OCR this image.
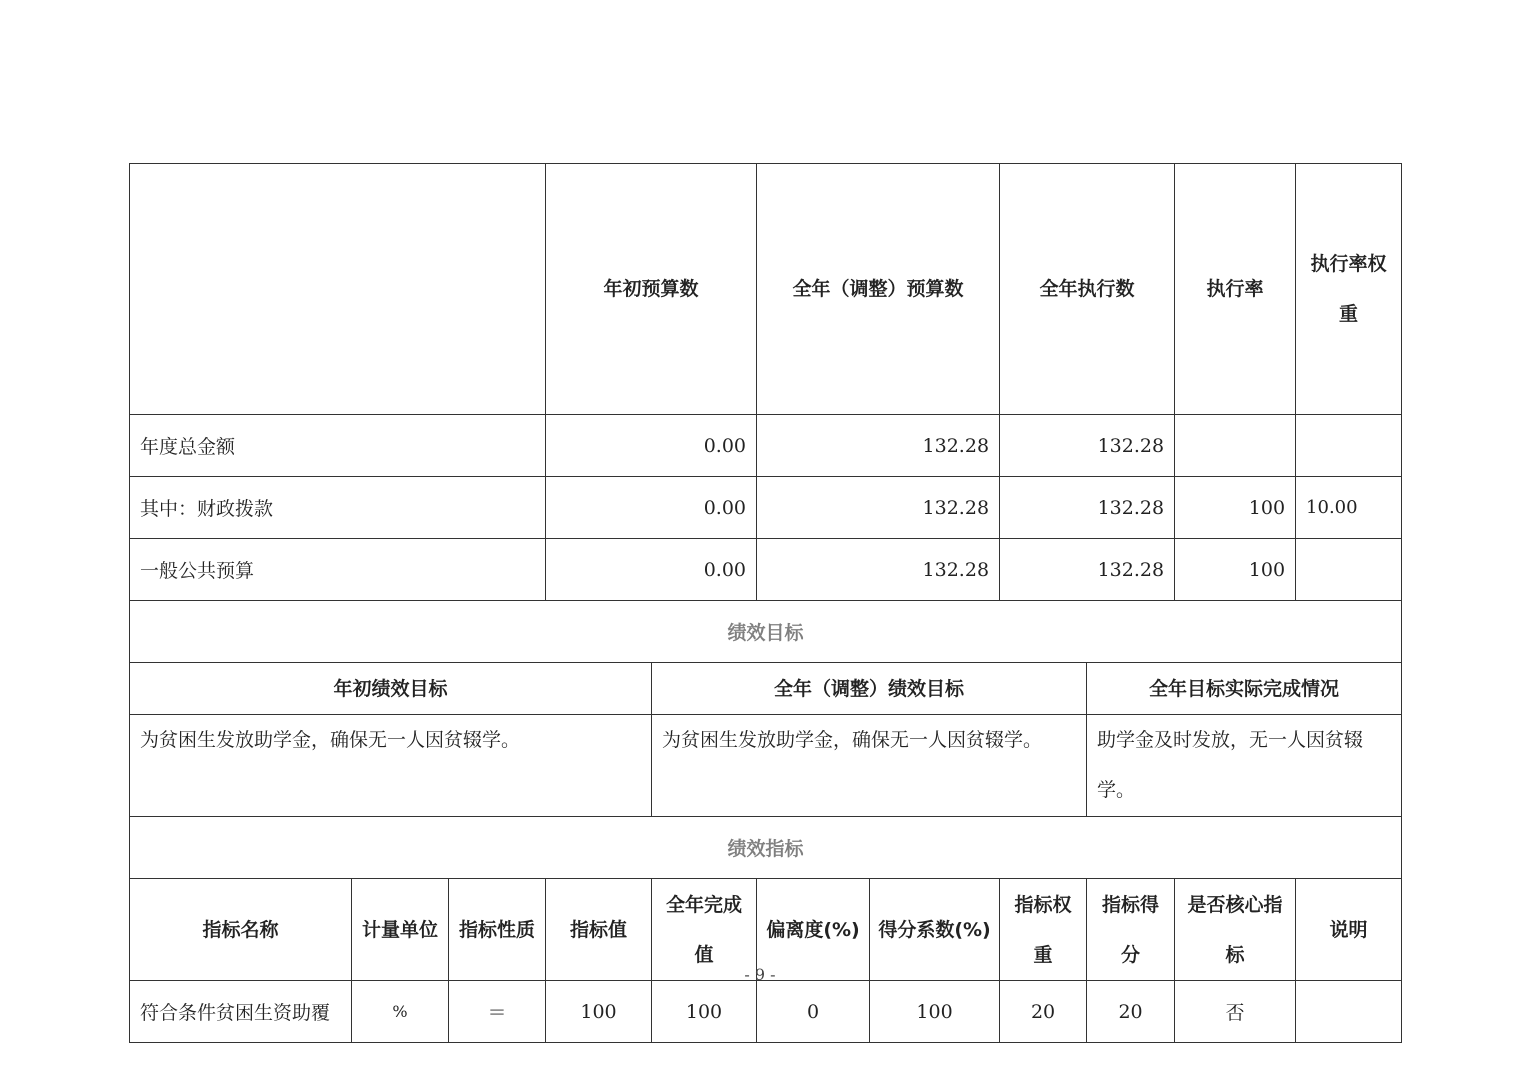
			年初预算数		全年（调整）预算数		全年执行数		执行率	执行率权重	
年度总金额			0.00		132.28		132.28				
其中：财政拨款			0.00		132.28		132.28		100	10.00	
一般公共预算			0.00		132.28		132.28		100		
绩效目标											
年初绩效目标				全年（调整）绩效目标				全年目标实际完成情况			
为贫困生发放助学金，确保无一人因贫辍学。				为贫困生发放助学金，确保无一人因贫辍学。				助学金及时发放，无一人因贫辍学。			
绩效指标											
指标名称	计量单位	指标性质	指标值	全年完成值	偏离度(%)	得分系数(%)	指标权重	指标得分	是否核心指标	说明	
符合条件贫困生资助覆	%	＝	100	100	0	100	20	20	否		
- 9 -
